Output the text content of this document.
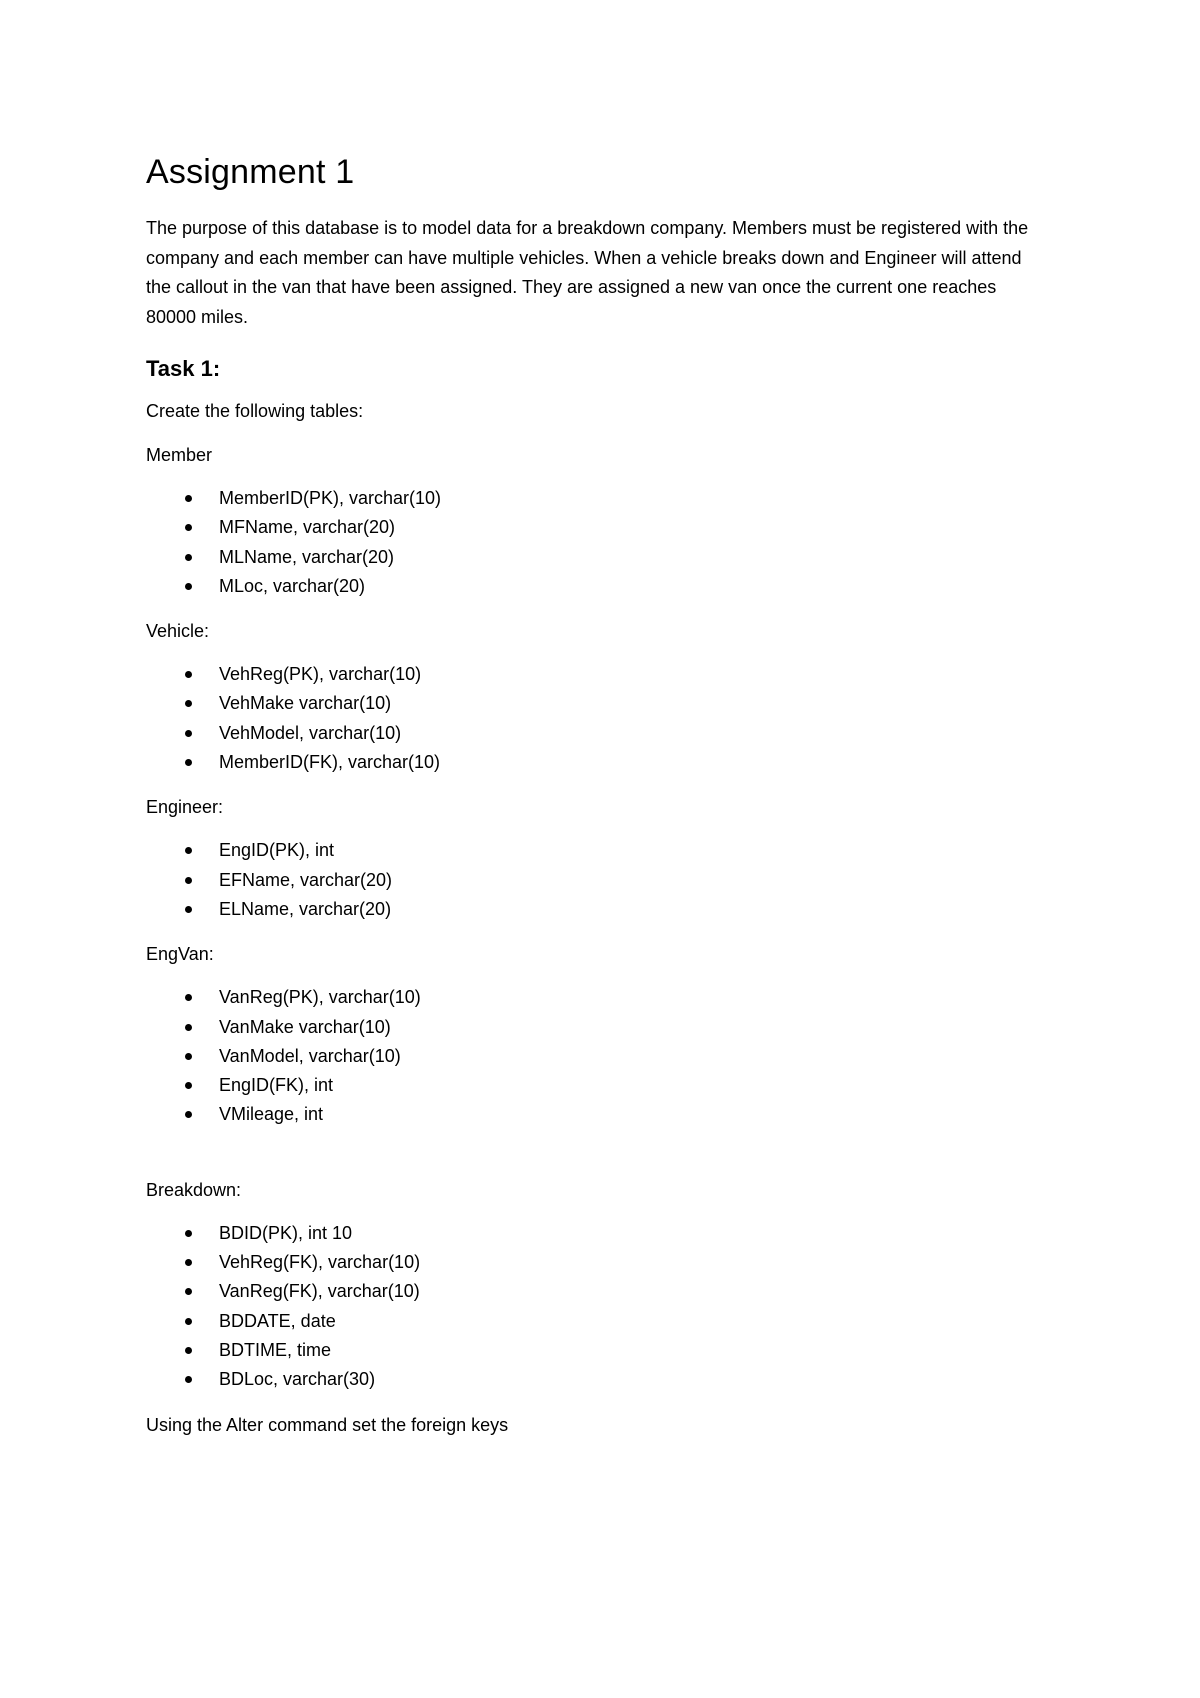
Assignment 1

The purpose of this database is to model data for a breakdown company. Members must be registered with the company and each member can have multiple vehicles. When a vehicle breaks down and Engineer will attend the callout in the van that have been assigned. They are assigned a new van once the current one reaches 80000 miles.

Task 1:

Create the following tables:

Member
MemberID(PK), varchar(10)
MFName, varchar(20)
MLName, varchar(20)
MLoc, varchar(20)
Vehicle:
VehReg(PK), varchar(10)
VehMake varchar(10)
VehModel, varchar(10)
MemberID(FK), varchar(10)
Engineer:
EngID(PK), int
EFName, varchar(20)
ELName, varchar(20)
EngVan:
VanReg(PK), varchar(10)
VanMake varchar(10)
VanModel, varchar(10)
EngID(FK), int
VMileage, int
Breakdown:
BDID(PK), int 10
VehReg(FK), varchar(10)
VanReg(FK), varchar(10)
BDDATE, date
BDTIME, time
BDLoc, varchar(30)

Using the Alter command set the foreign keys
